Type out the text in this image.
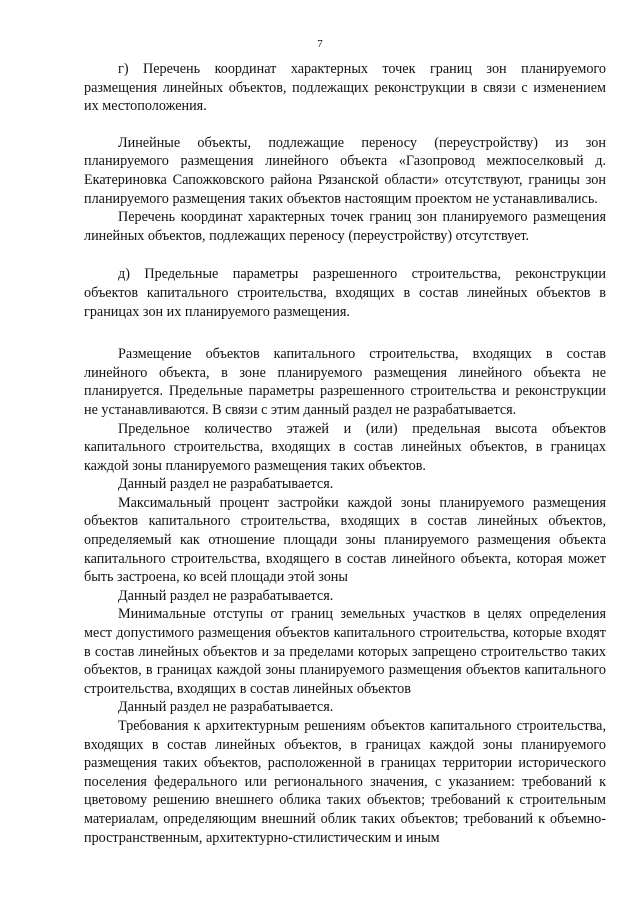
7

г) Перечень координат характерных точек границ зон планируемого размещения линейных объектов, подлежащих реконструкции в связи с изменением их местоположения.

Линейные объекты, подлежащие переносу (переустройству) из зон планируемого размещения линейного объекта «Газопровод межпоселковый д. Екатериновка Сапожковского района Рязанской области» отсутствуют, границы зон планируемого размещения таких объектов настоящим проектом не устанавливались.

Перечень координат характерных точек границ зон планируемого размещения линейных объектов, подлежащих переносу (переустройству) отсутствует.

д) Предельные параметры разрешенного строительства, реконструкции объектов капитального строительства, входящих в состав линейных объектов в границах зон их планируемого размещения.

Размещение объектов капитального строительства, входящих в состав линейного объекта, в зоне планируемого размещения линейного объекта не планируется. Предельные параметры разрешенного строительства и реконструкции не устанавливаются. В связи с этим данный раздел не разрабатывается.

Предельное количество этажей и (или) предельная высота объектов капитального строительства, входящих в состав линейных объектов, в границах каждой зоны планируемого размещения таких объектов.

Данный раздел не разрабатывается.

Максимальный процент застройки каждой зоны планируемого размещения объектов капитального строительства, входящих в состав линейных объектов, определяемый как отношение площади зоны планируемого размещения объекта капитального строительства, входящего в состав линейного объекта, которая может быть застроена, ко всей площади этой зоны

Данный раздел не разрабатывается.

Минимальные отступы от границ земельных участков в целях определения мест допустимого размещения объектов капитального строительства, которые входят в состав линейных объектов и за пределами которых запрещено строительство таких объектов, в границах каждой зоны планируемого размещения объектов капитального строительства, входящих в состав линейных объектов

Данный раздел не разрабатывается.

Требования к архитектурным решениям объектов капитального строительства, входящих в состав линейных объектов, в границах каждой зоны планируемого размещения таких объектов, расположенной в границах территории исторического поселения федерального или регионального значения, с указанием: требований к цветовому решению внешнего облика таких объектов; требований к строительным материалам, определяющим внешний облик таких объектов; требований к объемно-пространственным, архитектурно-стилистическим и иным
